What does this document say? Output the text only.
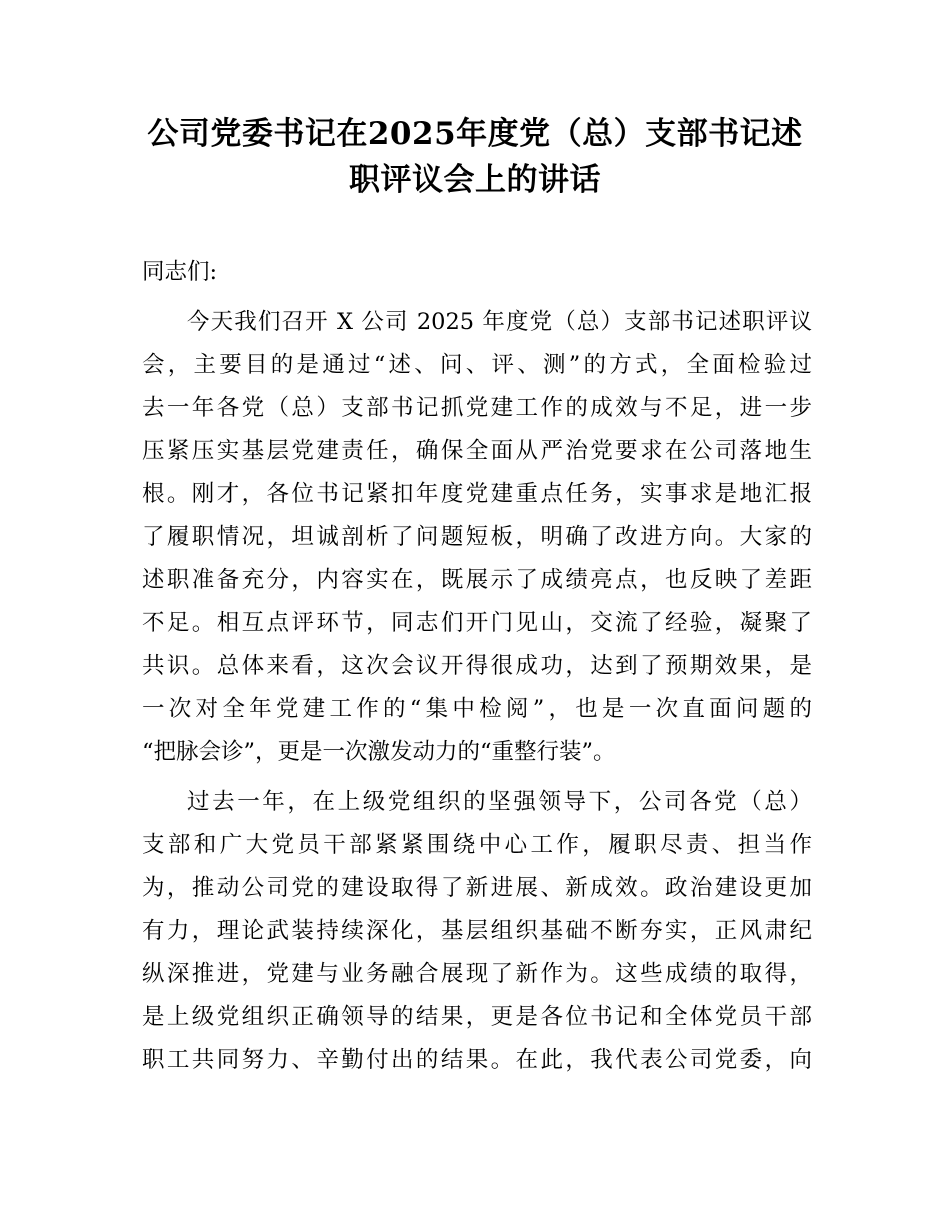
公司党委书记在2025年度党（总）支部书记述
职评议会上的讲话
同志们:
今天我们召开 X 公司 2025 年度党（总）支部书记述职评议
会，主要目的是通过“述、问、评、测”的方式，全面检验过
去一年各党（总）支部书记抓党建工作的成效与不足，进一步
压紧压实基层党建责任，确保全面从严治党要求在公司落地生
根。刚才，各位书记紧扣年度党建重点任务，实事求是地汇报
了履职情况，坦诚剖析了问题短板，明确了改进方向。大家的
述职准备充分，内容实在，既展示了成绩亮点，也反映了差距
不足。相互点评环节，同志们开门见山，交流了经验，凝聚了
共识。总体来看，这次会议开得很成功，达到了预期效果，是
一次对全年党建工作的“集中检阅”，也是一次直面问题的
“把脉会诊”，更是一次激发动力的“重整行装”。
过去一年，在上级党组织的坚强领导下，公司各党（总）
支部和广大党员干部紧紧围绕中心工作，履职尽责、担当作
为，推动公司党的建设取得了新进展、新成效。政治建设更加
有力，理论武装持续深化，基层组织基础不断夯实，正风肃纪
纵深推进，党建与业务融合展现了新作为。这些成绩的取得，
是上级党组织正确领导的结果，更是各位书记和全体党员干部
职工共同努力、辛勤付出的结果。在此，我代表公司党委，向
